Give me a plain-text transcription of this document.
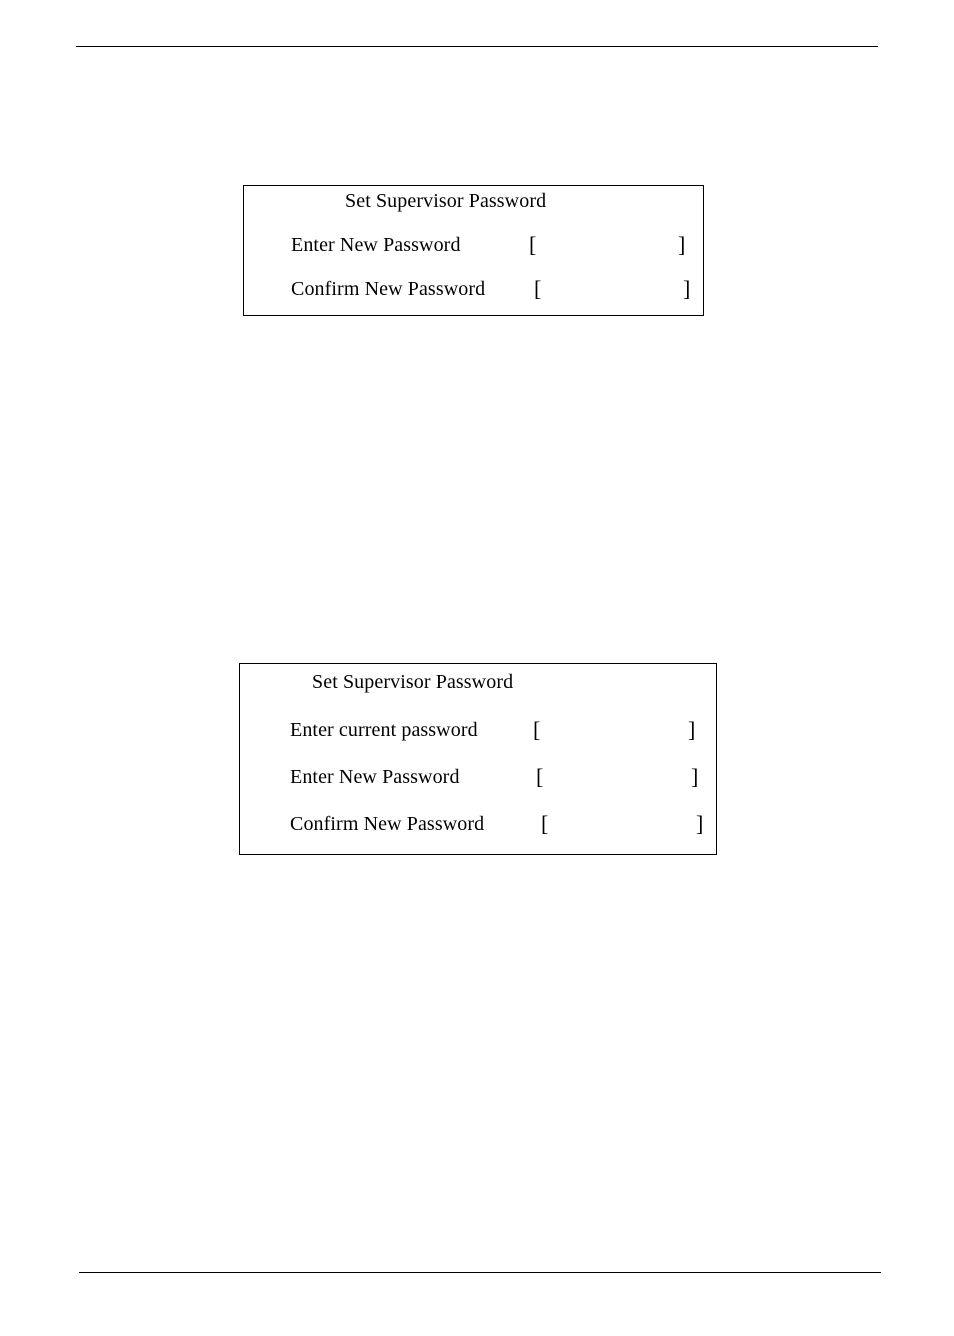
Set Supervisor Password
Enter New Password	[	]
Confirm New Password [	]
Set Supervisor Password
Enter current password	[	]
Enter New Password	[	]
Confirm New Password	[	]
